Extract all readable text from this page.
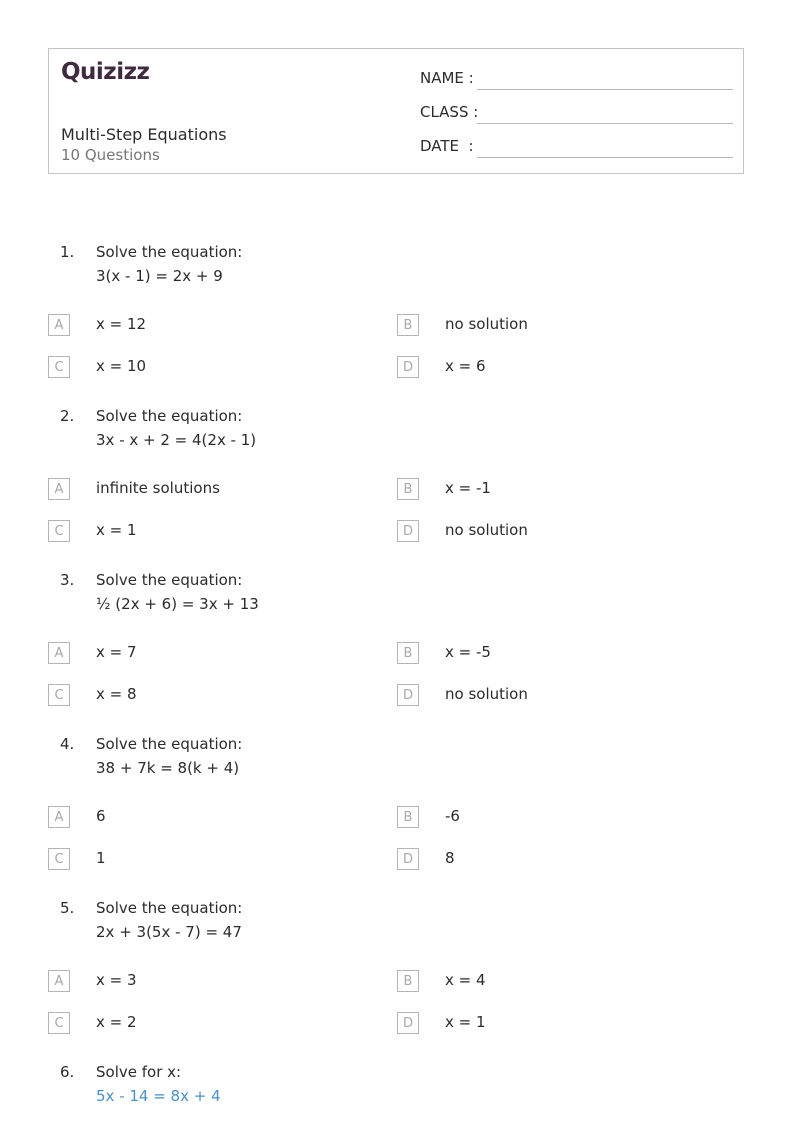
Quizizz
Multi-Step Equations
10 Questions
NAME :
CLASS :
DATE  :
1. Solve the equation:
3(x - 1) = 2x + 9
A	x = 12	B	no solution
C	x = 10	D	x = 6
2. Solve the equation:
3x - x + 2 = 4(2x - 1)
A	infinite solutions	B	x = -1
C	x = 1	D	no solution
3. Solve the equation:
½ (2x + 6) = 3x + 13
A	x = 7	B	x = -5
C	x = 8	D	no solution
4. Solve the equation:
38 + 7k = 8(k + 4)
A	6	B	-6
C	1	D	8
5. Solve the equation:
2x + 3(5x - 7) = 47
A	x = 3	B	x = 4
C	x = 2	D	x = 1
6. Solve for x:
5x - 14 = 8x + 4
